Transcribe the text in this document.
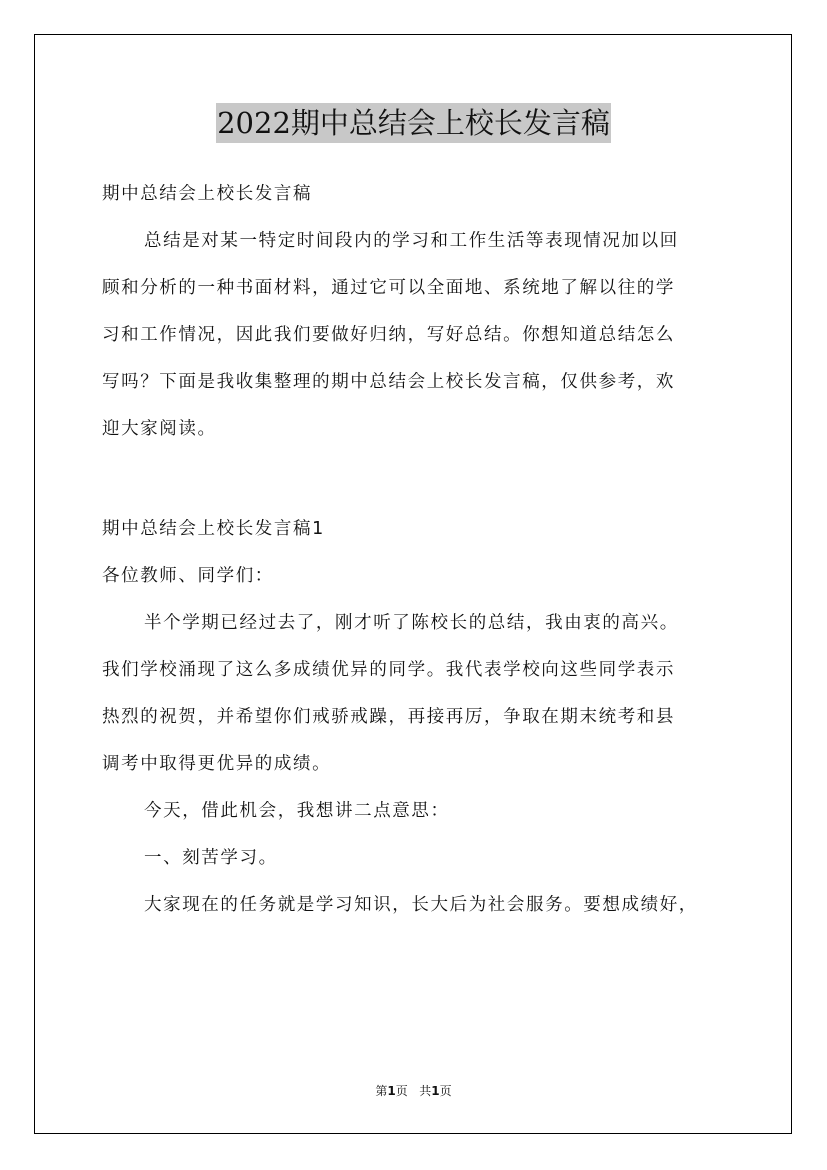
2022期中总结会上校长发言稿
期中总结会上校长发言稿
总结是对某一特定时间段内的学习和工作生活等表现情况加以回
顾和分析的一种书面材料，通过它可以全面地、系统地了解以往的学
习和工作情况，因此我们要做好归纳，写好总结。你想知道总结怎么
写吗？下面是我收集整理的期中总结会上校长发言稿，仅供参考，欢
迎大家阅读。
期中总结会上校长发言稿1
各位教师、同学们：
半个学期已经过去了，刚才听了陈校长的总结，我由衷的高兴。
我们学校涌现了这么多成绩优异的同学。我代表学校向这些同学表示
热烈的祝贺，并希望你们戒骄戒躁，再接再厉，争取在期末统考和县
调考中取得更优异的成绩。
今天，借此机会，我想讲二点意思：
一、刻苦学习。
大家现在的任务就是学习知识，长大后为社会服务。要想成绩好，
第1页 共1页
